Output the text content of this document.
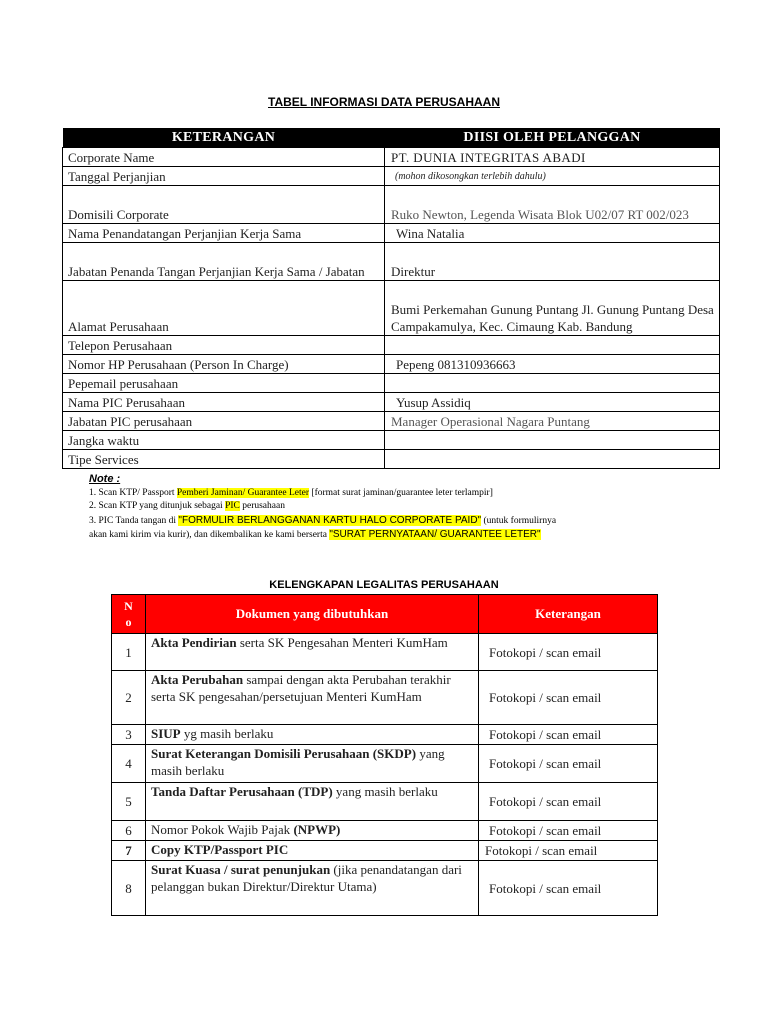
TABEL INFORMASI DATA PERUSAHAAN
KETERANGAN	DIISI OLEH PELANGGAN
Corporate Name	PT. DUNIA INTEGRITAS ABADI
Tanggal Perjanjian	(mohon dikosongkan terlebih dahulu)
Domisili Corporate	Ruko Newton, Legenda Wisata Blok U02/07 RT 002/023
Nama Penandatangan Perjanjian Kerja Sama	Wina Natalia
Jabatan Penanda Tangan Perjanjian Kerja Sama / Jabatan	Direktur
Alamat Perusahaan	Bumi Perkemahan Gunung Puntang Jl. Gunung Puntang Desa Campakamulya, Kec. Cimaung Kab. Bandung
Telepon Perusahaan	
Nomor HP Perusahaan (Person In Charge)	Pepeng 081310936663
Pepemail perusahaan	
Nama PIC Perusahaan	Yusup Assidiq
Jabatan PIC perusahaan	Manager Operasional Nagara Puntang
Jangka waktu	
Tipe Services	
Note :
1. Scan KTP/ Passport Pemberi Jaminan/ Guarantee Leter [format surat jaminan/guarantee leter terlampir]
2. Scan KTP yang ditunjuk sebagai PIC perusahaan
3. PIC Tanda tangan di "FORMULIR BERLANGGANAN KARTU HALO CORPORATE PAID" (untuk formulirnya
akan kami kirim via kurir), dan dikembalikan ke kami berserta "SURAT PERNYATAAN/ GUARANTEE LETER"
KELENGKAPAN LEGALITAS PERUSAHAAN
N o	Dokumen yang dibutuhkan	Keterangan
1	Akta Pendirian serta SK Pengesahan Menteri KumHam	Fotokopi / scan email
2	Akta Perubahan sampai dengan akta Perubahan terakhir serta SK pengesahan/persetujuan Menteri KumHam	Fotokopi / scan email
3	SIUP yg masih berlaku	Fotokopi / scan email
4	Surat Keterangan Domisili Perusahaan (SKDP) yang masih berlaku	Fotokopi / scan email
5	Tanda Daftar Perusahaan (TDP) yang masih berlaku	Fotokopi / scan email
6	Nomor Pokok Wajib Pajak (NPWP)	Fotokopi / scan email
7	Copy KTP/Passport PIC	Fotokopi / scan email
8	Surat Kuasa / surat penunjukan (jika penandatangan dari pelanggan bukan Direktur/Direktur Utama)	Fotokopi / scan email
